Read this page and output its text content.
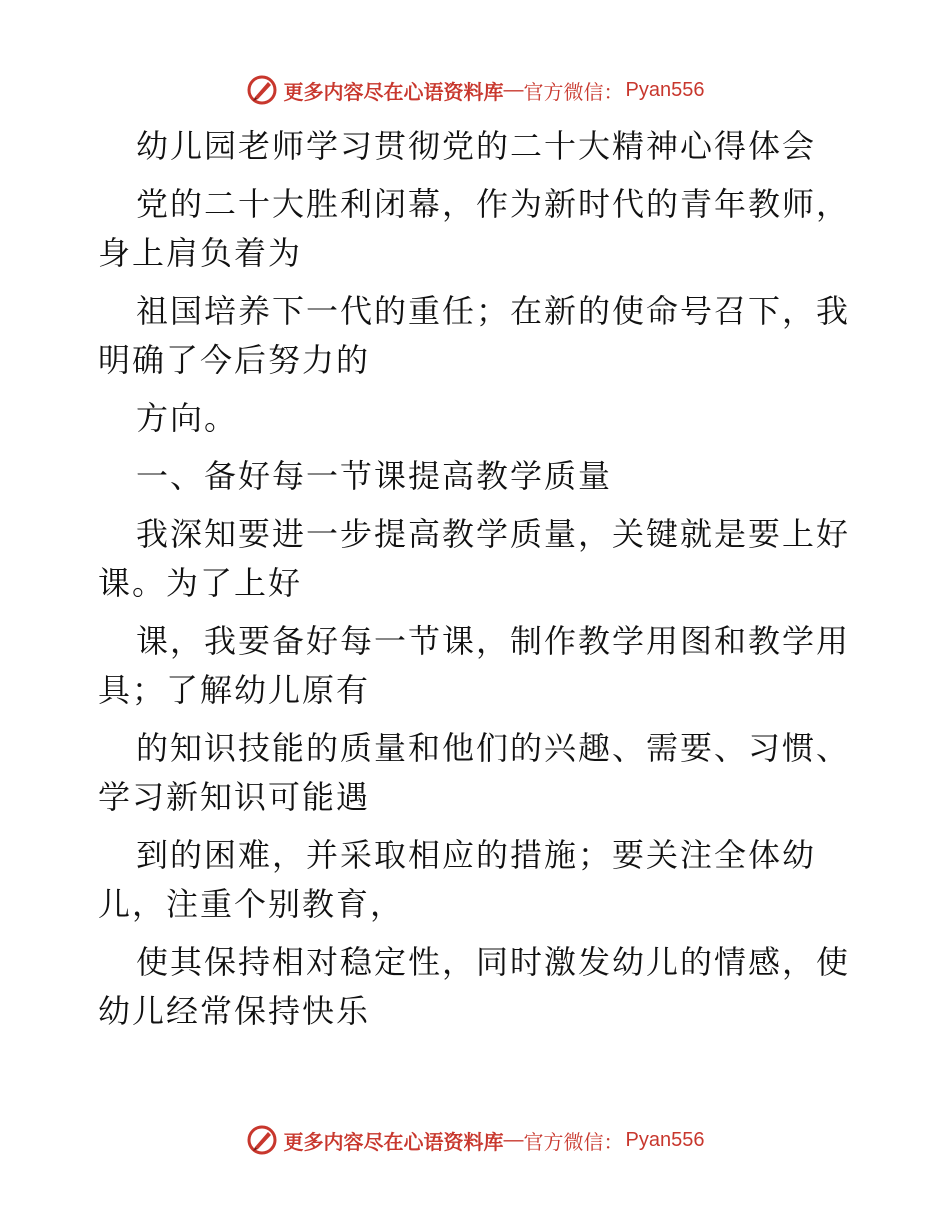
更多内容尽在心语资料库 — 官方微信： Pyan556
幼儿园老师学习贯彻党的二十大精神心得体会
党的二十大胜利闭幕，作为新时代的青年教师，
身上肩负着为
祖国培养下一代的重任；在新的使命号召下，我
明确了今后努力的
方向。
一、备好每一节课提高教学质量
我深知要进一步提高教学质量，关键就是要上好
课。为了上好
课，我要备好每一节课，制作教学用图和教学用
具；了解幼儿原有
的知识技能的质量和他们的兴趣、需要、习惯、
学习新知识可能遇
到的困难，并采取相应的措施；要关注全体幼
儿，注重个别教育，
使其保持相对稳定性，同时激发幼儿的情感，使
幼儿经常保持快乐
更多内容尽在心语资料库 — 官方微信： Pyan556
